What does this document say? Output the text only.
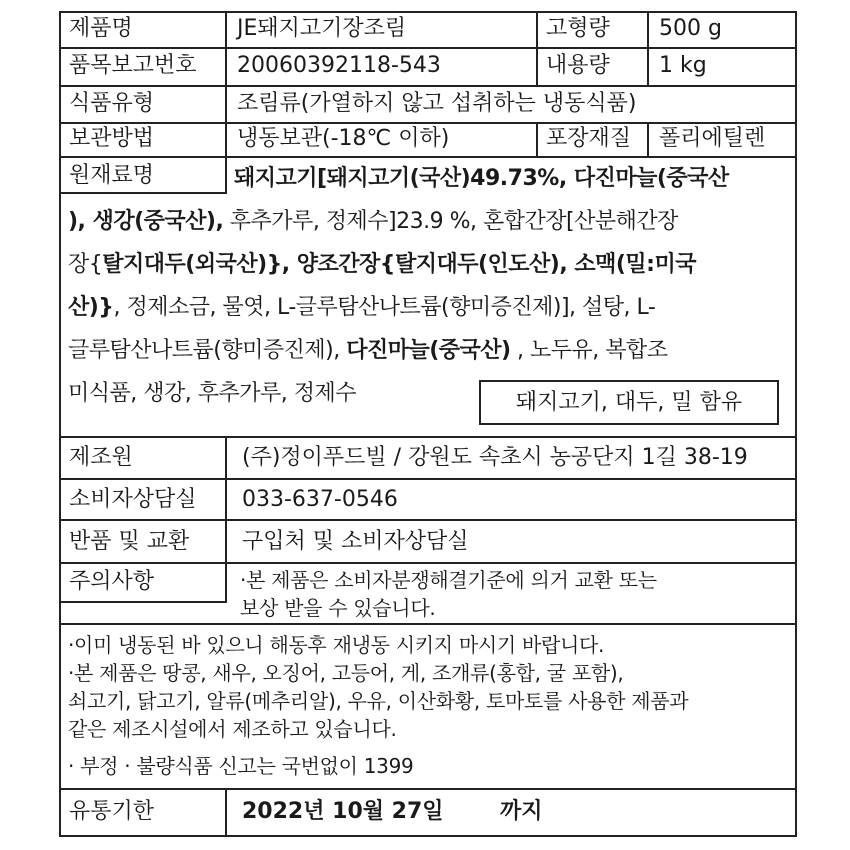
제품명	JE돼지고기장조림	고형량	500 g
품목보고번호	20060392118-543	내용량	1 kg
식품유형	조림류(가열하지 않고 섭취하는 냉동식품)
보관방법	냉동보관(-18℃ 이하)	포장재질	폴리에틸렌
원재료명	돼지고기[돼지고기(국산)49.73%, 다진마늘(중국산
), 생강(중국산), 후추가루, 정제수]23.9 %, 혼합간장[산분해간장
장{탈지대두(외국산)}, 양조간장{탈지대두(인도산), 소맥(밀:미국
산)}, 정제소금, 물엿, L-글루탐산나트륨(향미증진제)], 설탕, L-
글루탐산나트륨(향미증진제), 다진마늘(중국산) , 노두유, 복합조
미식품, 생강, 후추가루, 정제수	돼지고기, 대두, 밀 함유
제조원	(주)정이푸드빌 / 강원도 속초시 농공단지 1길 38-19
소비자상담실	033-637-0546
반품 및 교환	구입처 및 소비자상담실
주의사항	·본 제품은 소비자분쟁해결기준에 의거 교환 또는
보상 받을 수 있습니다.
·이미 냉동된 바 있으니 해동후 재냉동 시키지 마시기 바랍니다.
·본 제품은 땅콩, 새우, 오징어, 고등어, 게, 조개류(홍합, 굴 포함),
쇠고기, 닭고기, 알류(메추리알), 우유, 이산화황, 토마토를 사용한 제품과
같은 제조시설에서 제조하고 있습니다.
· 부정 · 불량식품 신고는 국번없이 1399
유통기한	2022년 10월 27일	까지
